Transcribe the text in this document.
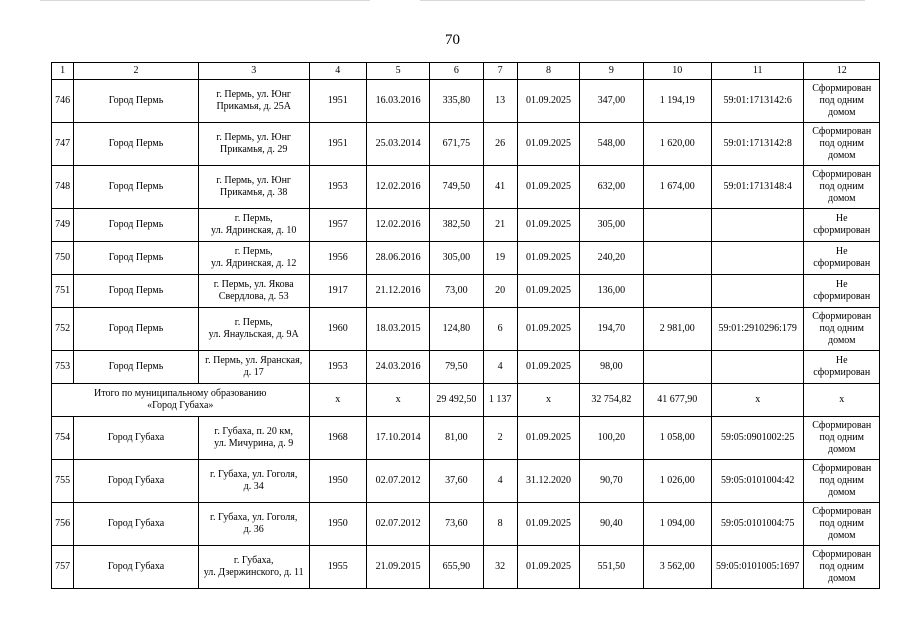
70
1	2	3	4	5	6	7	8	9	10	11	12
746	Город Пермь	г. Пермь, ул. Юнг
Прикамья, д. 25А	1951	16.03.2016	335,80	13	01.09.2025	347,00	1 194,19	59:01:1713142:6	Сформирован
под одним
домом
747	Город Пермь	г. Пермь, ул. Юнг
Прикамья, д. 29	1951	25.03.2014	671,75	26	01.09.2025	548,00	1 620,00	59:01:1713142:8	Сформирован
под одним
домом
748	Город Пермь	г. Пермь, ул. Юнг
Прикамья, д. 38	1953	12.02.2016	749,50	41	01.09.2025	632,00	1 674,00	59:01:1713148:4	Сформирован
под одним
домом
749	Город Пермь	г. Пермь,
ул. Ядринская, д. 10	1957	12.02.2016	382,50	21	01.09.2025	305,00			Не
сформирован
750	Город Пермь	г. Пермь,
ул. Ядринская, д. 12	1956	28.06.2016	305,00	19	01.09.2025	240,20			Не
сформирован
751	Город Пермь	г. Пермь, ул. Якова
Свердлова, д. 53	1917	21.12.2016	73,00	20	01.09.2025	136,00			Не
сформирован
752	Город Пермь	г. Пермь,
ул. Янаульская, д. 9А	1960	18.03.2015	124,80	6	01.09.2025	194,70	2 981,00	59:01:2910296:179	Сформирован
под одним
домом
753	Город Пермь	г. Пермь, ул. Яранская,
д. 17	1953	24.03.2016	79,50	4	01.09.2025	98,00			Не
сформирован
Итого по муниципальному образованию
«Город Губаха»			х	х	29 492,50	1 137	х	32 754,82	41 677,90	х	х
754	Город Губаха	г. Губаха, п. 20 км,
ул. Мичурина, д. 9	1968	17.10.2014	81,00	2	01.09.2025	100,20	1 058,00	59:05:0901002:25	Сформирован
под одним
домом
755	Город Губаха	г. Губаха, ул. Гоголя,
д. 34	1950	02.07.2012	37,60	4	31.12.2020	90,70	1 026,00	59:05:0101004:42	Сформирован
под одним
домом
756	Город Губаха	г. Губаха, ул. Гоголя,
д. 36	1950	02.07.2012	73,60	8	01.09.2025	90,40	1 094,00	59:05:0101004:75	Сформирован
под одним
домом
757	Город Губаха	г. Губаха,
ул. Дзержинского, д. 11	1955	21.09.2015	655,90	32	01.09.2025	551,50	3 562,00	59:05:0101005:1697	Сформирован
под одним
домом
